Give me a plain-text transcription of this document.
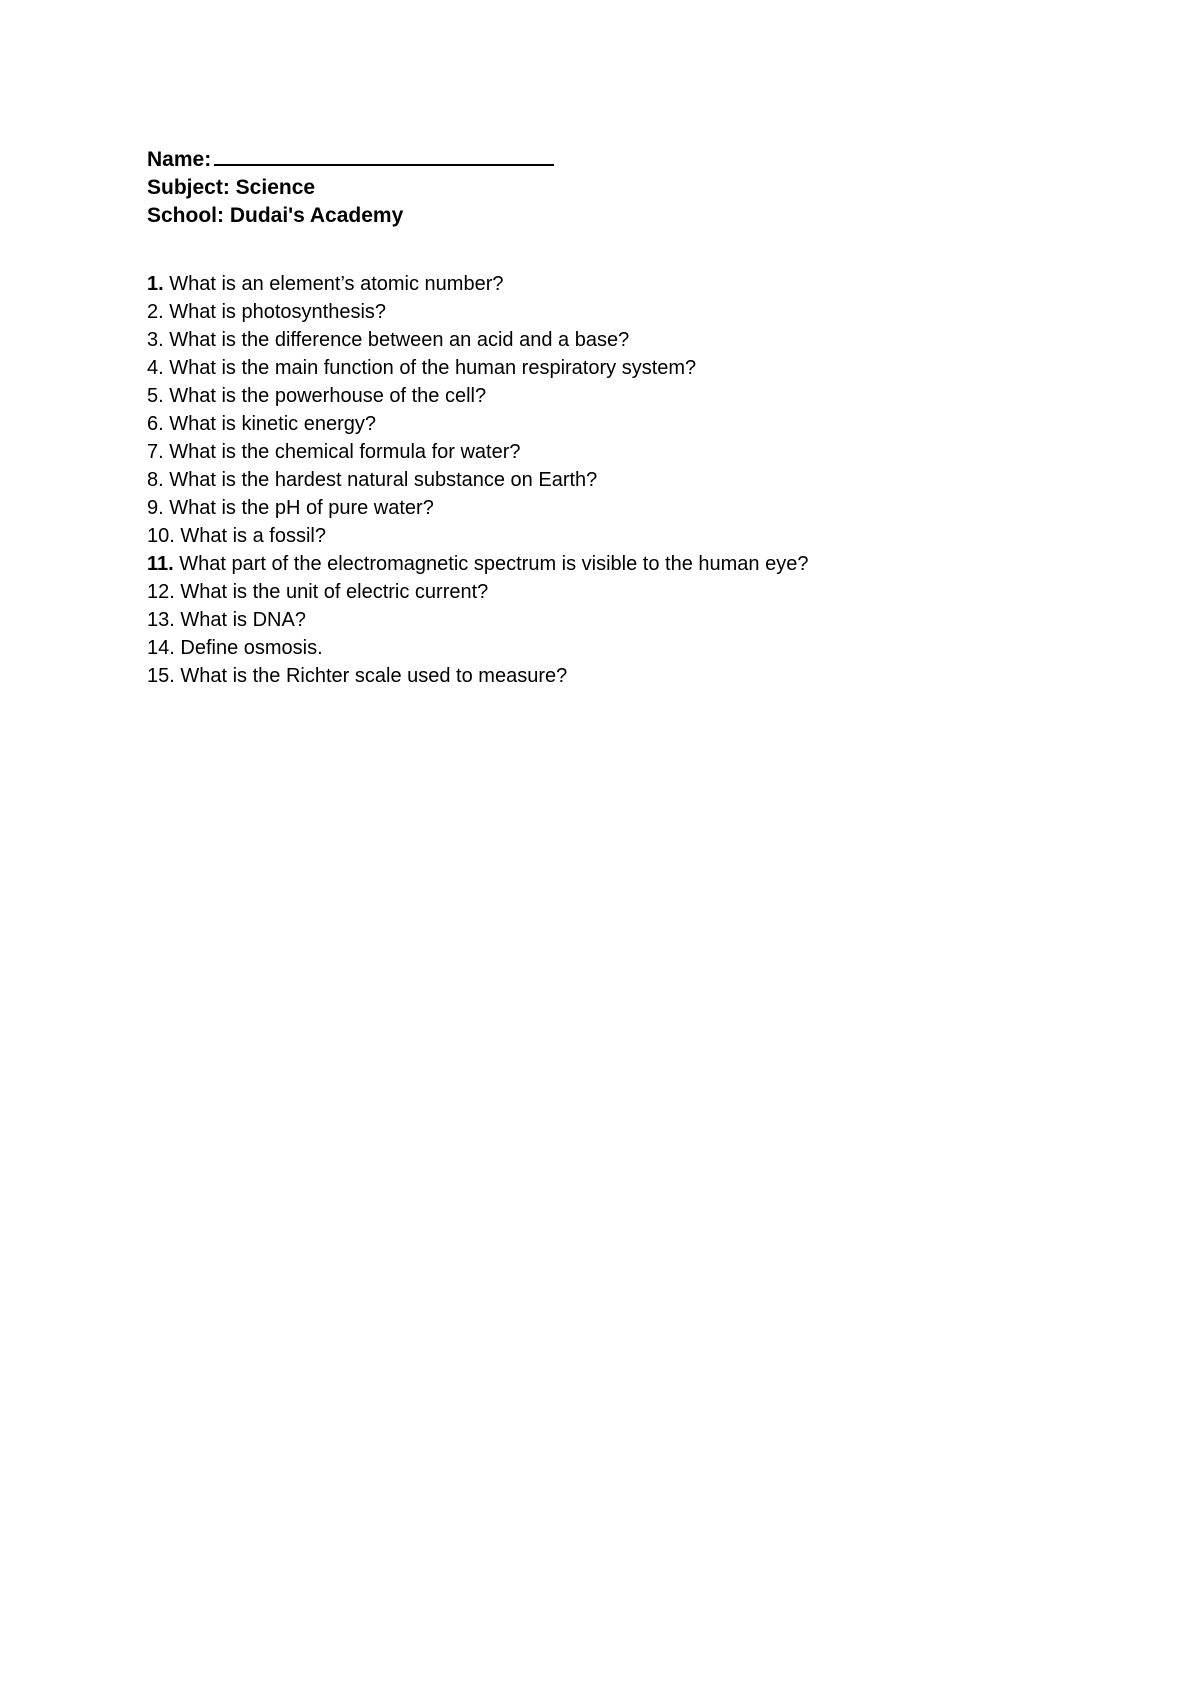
Name:
Subject: Science
School: Dudai's Academy
1. What is an element’s atomic number?
2. What is photosynthesis?
3. What is the difference between an acid and a base?
4. What is the main function of the human respiratory system?
5. What is the powerhouse of the cell?
6. What is kinetic energy?
7. What is the chemical formula for water?
8. What is the hardest natural substance on Earth?
9. What is the pH of pure water?
10. What is a fossil?
11. What part of the electromagnetic spectrum is visible to the human eye?
12. What is the unit of electric current?
13. What is DNA?
14. Define osmosis.
15. What is the Richter scale used to measure?
